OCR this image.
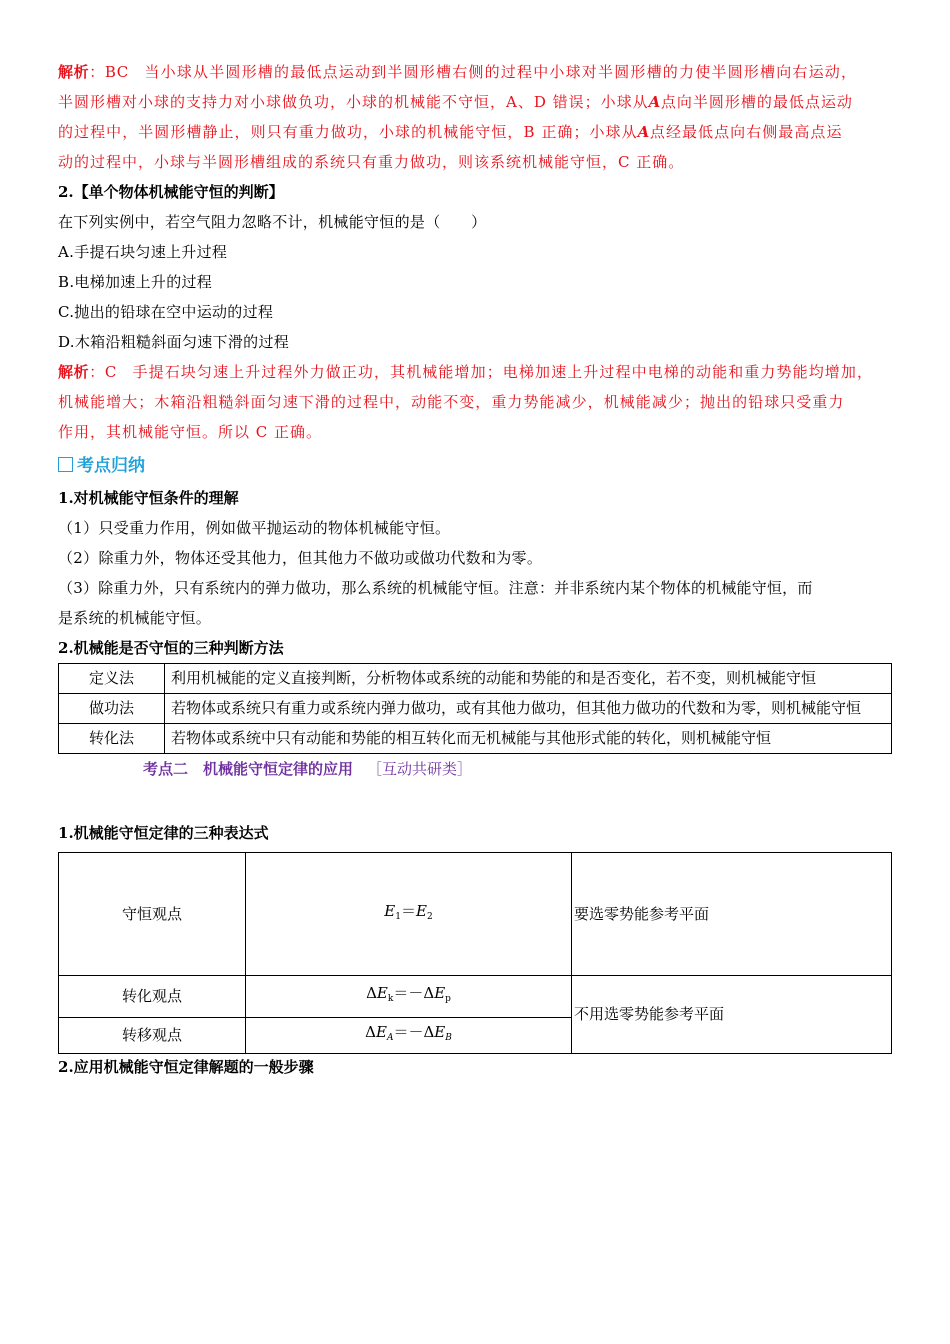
解析：BC　 当小球从半圆形槽的最低点运动到半圆形槽右侧的过程中小球对半圆形槽的力使半圆形槽向右运动，

半圆形槽对小球的支持力对小球做负功，小球的机械能不守恒，A、D 错误；小球从A点向半圆形槽的最低点运动

的过程中，半圆形槽静止，则只有重力做功，小球的机械能守恒，B 正确；小球从A点经最低点向右侧最高点运

动的过程中，小球与半圆形槽组成的系统只有重力做功，则该系统机械能守恒，C 正确。

2.【单个物体机械能守恒的判断】

在下列实例中，若空气阻力忽略不计，机械能守恒的是（　　）

A.手提石块匀速上升过程

B.电梯加速上升的过程

C.抛出的铅球在空中运动的过程

D.木箱沿粗糙斜面匀速下滑的过程

解析：C　 手提石块匀速上升过程外力做正功，其机械能增加；电梯加速上升过程中电梯的动能和重力势能均增加，

机械能增大；木箱沿粗糙斜面匀速下滑的过程中，动能不变，重力势能减少，机械能减少；抛出的铅球只受重力

作用，其机械能守恒。所以 C 正确。

考点归纳

1.对机械能守恒条件的理解

（1）只受重力作用，例如做平抛运动的物体机械能守恒。

（2）除重力外，物体还受其他力，但其他力不做功或做功代数和为零。

（3）除重力外，只有系统内的弹力做功，那么系统的机械能守恒。注意：并非系统内某个物体的机械能守恒，而

是系统的机械能守恒。

2.机械能是否守恒的三种判断方法

定义法	利用机械能的定义直接判断，分析物体或系统的动能和势能的和是否变化，若不变，则机械能守恒
做功法	若物体或系统只有重力或系统内弹力做功，或有其他力做功，但其他力做功的代数和为零，则机械能守恒
转化法	若物体或系统中只有动能和势能的相互转化而无机械能与其他形式能的转化，则机械能守恒

考点二　机械能守恒定律的应用 ［互动共研类］

1.机械能守恒定律的三种表达式

守恒观点	$E_1=E_2$	要选零势能参考平面
转化观点	$\Delta E_k=-\Delta E_p$	不用选零势能参考平面
转移观点	$\Delta E_A=-\Delta E_B$

2.应用机械能守恒定律解题的一般步骤
